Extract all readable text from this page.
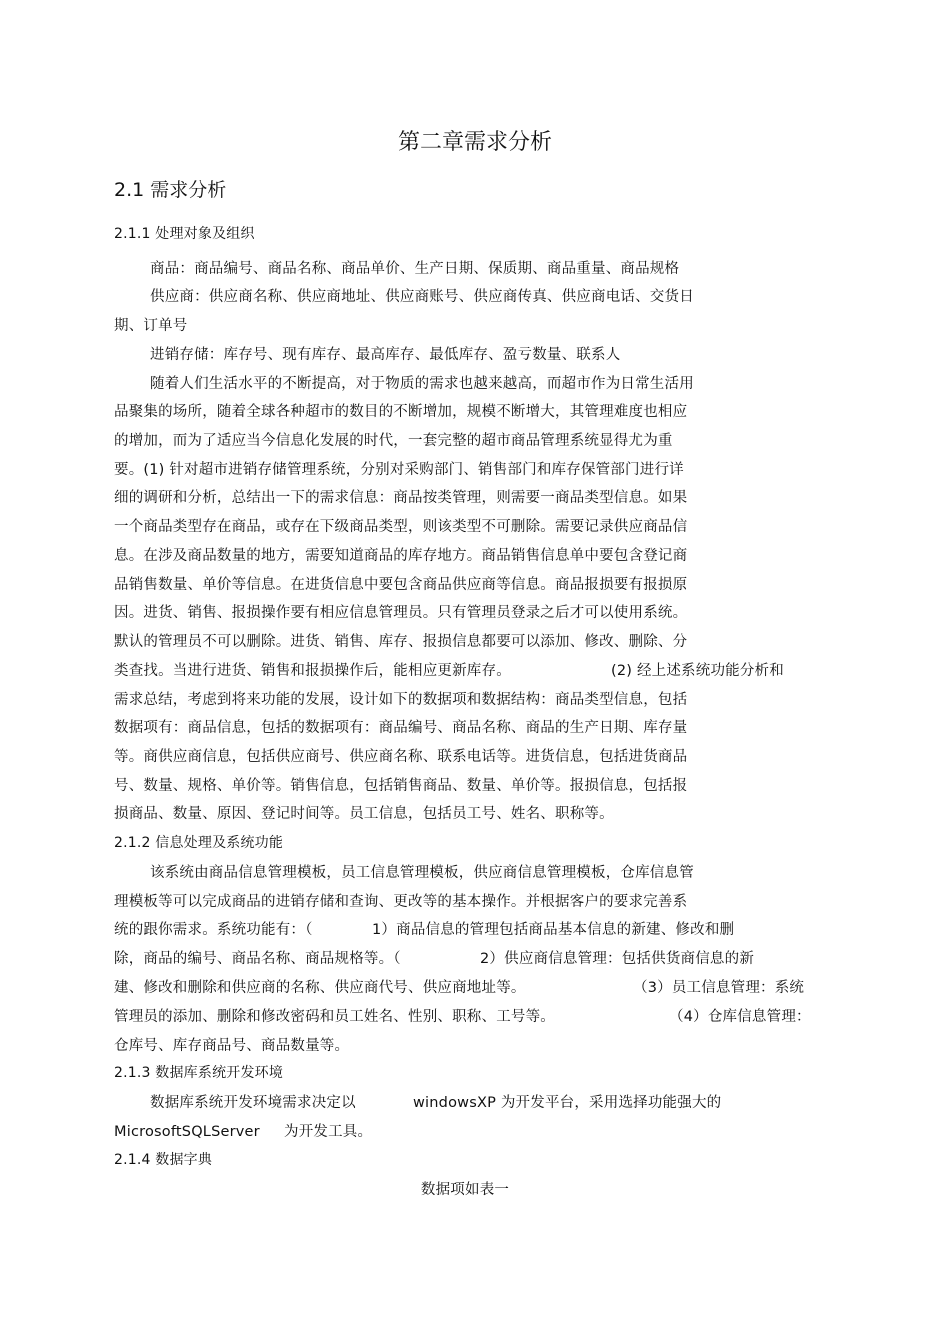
第二章需求分析
2.1 需求分析
2.1.1 处理对象及组织
商品：商品编号、商品名称、商品单价、生产日期、保质期、商品重量、商品规格
供应商：供应商名称、供应商地址、供应商账号、供应商传真、供应商电话、交货日
期、订单号
进销存储：库存号、现有库存、最高库存、最低库存、盈亏数量、联系人
随着人们生活水平的不断提高，对于物质的需求也越来越高，而超市作为日常生活用
品聚集的场所，随着全球各种超市的数目的不断增加，规模不断增大，其管理难度也相应
的增加，而为了适应当今信息化发展的时代，一套完整的超市商品管理系统显得尤为重
要。(1) 针对超市进销存储管理系统，分别对采购部门、销售部门和库存保管部门进行详
细的调研和分析，总结出一下的需求信息：商品按类管理，则需要一商品类型信息。如果
一个商品类型存在商品，或存在下级商品类型，则该类型不可删除。需要记录供应商品信
息。在涉及商品数量的地方，需要知道商品的库存地方。商品销售信息单中要包含登记商
品销售数量、单价等信息。在进货信息中要包含商品供应商等信息。商品报损要有报损原
因。进货、销售、报损操作要有相应信息管理员。只有管理员登录之后才可以使用系统。
默认的管理员不可以删除。进货、销售、库存、报损信息都要可以添加、修改、删除、分
类查找。当进行进货、销售和报损操作后，能相应更新库存。	(2) 经上述系统功能分析和
需求总结，考虑到将来功能的发展，设计如下的数据项和数据结构：商品类型信息，包括
数据项有：商品信息，包括的数据项有：商品编号、商品名称、商品的生产日期、库存量
等。商供应商信息，包括供应商号、供应商名称、联系电话等。进货信息，包括进货商品
号、数量、规格、单价等。销售信息，包括销售商品、数量、单价等。报损信息，包括报
损商品、数量、原因、登记时间等。员工信息，包括员工号、姓名、职称等。
2.1.2 信息处理及系统功能
该系统由商品信息管理模板，员工信息管理模板，供应商信息管理模板，仓库信息管
理模板等可以完成商品的进销存储和查询、更改等的基本操作。并根据客户的要求完善系
统的跟你需求。系统功能有：（	1）商品信息的管理包括商品基本信息的新建、修改和删
除，商品的编号、商品名称、商品规格等。（	2）供应商信息管理：包括供货商信息的新
建、修改和删除和供应商的名称、供应商代号、供应商地址等。	（3）员工信息管理：系统
管理员的添加、删除和修改密码和员工姓名、性别、职称、工号等。	（4）仓库信息管理：
仓库号、库存商品号、商品数量等。
2.1.3 数据库系统开发环境
数据库系统开发环境需求决定以	windowsXP 为开发平台，采用选择功能强大的
MicrosoftSQLServer 为开发工具。
2.1.4 数据字典
数据项如表一
